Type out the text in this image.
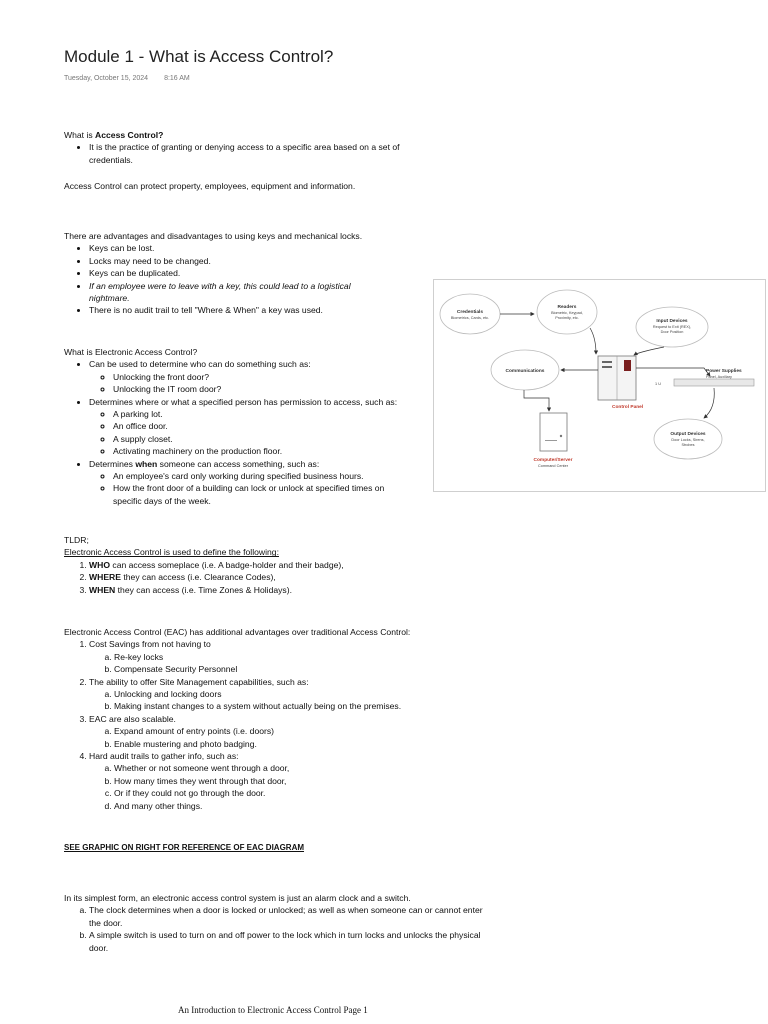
Module 1 - What is Access Control?
Tuesday, October 15, 2024 8:16 AM

What is Access Control?

• It is the practice of granting or denying access to a specific area based on a set of credentials.

Access Control can protect property, employees, equipment and information.

There are advantages and disadvantages to using keys and mechanical locks.

• Keys can be lost.
• Locks may need to be changed.
• Keys can be duplicated.
• If an employee were to leave with a key, this could lead to a logistical nightmare.
• There is no audit trail to tell "Where & When" a key was used.

What is Electronic Access Control?

• Can be used to determine who can do something such as:
◦ Unlocking the front door?
◦ Unlocking the IT room door?
• Determines where or what a specified person has permission to access, such as:
◦ A parking lot.
◦ An office door.
◦ A supply closet.
◦ Activating machinery on the production floor.
• Determines when someone can access something, such as:
◦ An employee's card only working during specified business hours.
◦ How the front door of a building can lock or unlock at specified times on specific days of the week.

TLDR;

Electronic Access Control is used to define the following:

1. WHO can access someplace (i.e. A badge-holder and their badge),
2. WHERE they can access (i.e. Clearance Codes),
3. WHEN they can access (i.e. Time Zones & Holidays).

Electronic Access Control (EAC) has additional advantages over traditional Access Control:

1. Cost Savings from not having to
a. Re-key locks
b. Compensate Security Personnel
2. The ability to offer Site Management capabilities, such as:
a. Unlocking and locking doors
b. Making instant changes to a system without actually being on the premises.
3. EAC are also scalable.
a. Expand amount of entry points (i.e. doors)
b. Enable mustering and photo badging.
4. Hard audit trails to gather info, such as:
a. Whether or not someone went through a door,
b. How many times they went through that door,
c. Or if they could not go through the door.
d. And many other things.

SEE GRAPHIC ON RIGHT FOR REFERENCE OF EAC DIAGRAM

In its simplest form, an electronic access control system is just an alarm clock and a switch.

a. The clock determines when a door is locked or unlocked; as well as when someone can or cannot enter the door.
b. A simple switch is used to turn on and off power to the lock which in turn locks and unlocks the physical door.
Credentials
Biometrics, Cards, etc.
Readers
Biometric, Keypad,
Proximity, etc.
Input Devices
Request to Exit (REX),
Door Position
Communications
Control Panel
1 U
Power Supplies
Panel, Auxiliary
Output Devices
Door Locks, Sirens,
Strobes
Computer/Server
Command Center
An Introduction to Electronic Access Control Page 1
